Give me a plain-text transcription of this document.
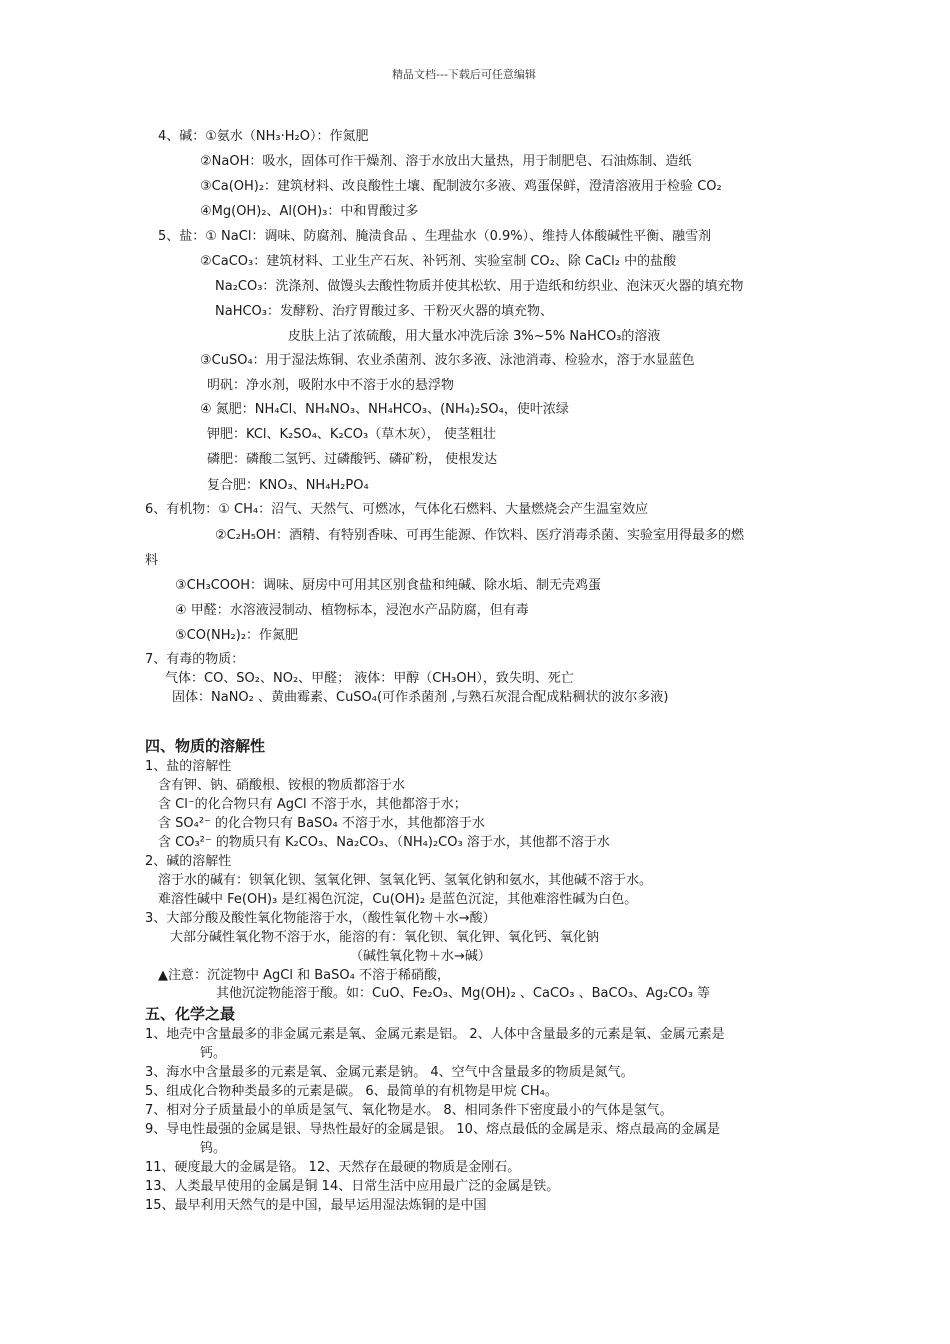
精品文档---下载后可任意编辑
4、碱：①氨水（NH₃·H₂O）：作氮肥
②NaOH：吸水，固体可作干燥剂、溶于水放出大量热，用于制肥皂、石油炼制、造纸
③Ca(OH)₂：建筑材料、改良酸性土壤、配制波尔多液、鸡蛋保鲜，澄清溶液用于检验 CO₂
④Mg(OH)₂、Al(OH)₃：中和胃酸过多
5、盐：① NaCl：调味、防腐剂、腌渍食品 、生理盐水（0.9%）、维持人体酸碱性平衡、融雪剂
②CaCO₃：建筑材料、工业生产石灰、补钙剂、实验室制 CO₂、除 CaCl₂ 中的盐酸
Na₂CO₃：洗涤剂、做馒头去酸性物质并使其松软、用于造纸和纺织业、泡沫灭火器的填充物
NaHCO₃：发酵粉、治疗胃酸过多、干粉灭火器的填充物、
皮肤上沾了浓硫酸，用大量水冲洗后涂 3%~5% NaHCO₃的溶液
③CuSO₄：用于湿法炼铜、农业杀菌剂、波尔多液、泳池消毒、检验水，溶于水显蓝色
明矾：净水剂，吸附水中不溶于水的悬浮物
④ 氮肥：NH₄Cl、NH₄NO₃、NH₄HCO₃、(NH₄)₂SO₄，使叶浓绿
钾肥：KCl、K₂SO₄、K₂CO₃（草木灰）， 使茎粗壮
磷肥：磷酸二氢钙、过磷酸钙、磷矿粉， 使根发达
复合肥：KNO₃、NH₄H₂PO₄
6、有机物：① CH₄：沼气、天然气、可燃冰，气体化石燃料、大量燃烧会产生温室效应
②C₂H₅OH：酒精、有特别香味、可再生能源、作饮料、医疗消毒杀菌、实验室用得最多的燃
料
③CH₃COOH：调味、厨房中可用其区别食盐和纯碱、除水垢、制无壳鸡蛋
④ 甲醛：水溶液浸制动、植物标本，浸泡水产品防腐，但有毒
⑤CO(NH₂)₂：作氮肥
7、有毒的物质：
气体：CO、SO₂、NO₂、甲醛； 液体：甲醇（CH₃OH），致失明、死亡
固体：NaNO₂ 、黄曲霉素、CuSO₄(可作杀菌剂 ,与熟石灰混合配成粘稠状的波尔多液)
四、物质的溶解性
1、盐的溶解性
含有钾、钠、硝酸根、铵根的物质都溶于水
含 Cl⁻的化合物只有 AgCl 不溶于水，其他都溶于水；
含 SO₄²⁻ 的化合物只有 BaSO₄ 不溶于水，其他都溶于水
含 CO₃²⁻ 的物质只有 K₂CO₃、Na₂CO₃、（NH₄)₂CO₃ 溶于水，其他都不溶于水
2、碱的溶解性
溶于水的碱有：钡氧化钡、氢氧化钾、氢氧化钙、氢氧化钠和氨水，其他碱不溶于水。
难溶性碱中 Fe(OH)₃ 是红褐色沉淀，Cu(OH)₂ 是蓝色沉淀，其他难溶性碱为白色。
3、大部分酸及酸性氧化物能溶于水，（酸性氧化物＋水→酸）
大部分碱性氧化物不溶于水，能溶的有：氧化钡、氧化钾、氧化钙、氧化钠
（碱性氧化物＋水→碱）
▲注意：沉淀物中 AgCl 和 BaSO₄ 不溶于稀硝酸，
其他沉淀物能溶于酸。如：CuO、Fe₂O₃、Mg(OH)₂ 、CaCO₃ 、BaCO₃、Ag₂CO₃ 等
五、化学之最
1、地壳中含量最多的非金属元素是氧、金属元素是铝。 2、人体中含量最多的元素是氧、金属元素是
钙。
3、海水中含量最多的元素是氧、金属元素是钠。 4、空气中含量最多的物质是氮气。
5、组成化合物种类最多的元素是碳。 6、最简单的有机物是甲烷 CH₄。
7、相对分子质量最小的单质是氢气、氧化物是水。 8、相同条件下密度最小的气体是氢气。
9、导电性最强的金属是银、导热性最好的金属是银。 10、熔点最低的金属是汞、熔点最高的金属是
钨。
11、硬度最大的金属是铬。 12、天然存在最硬的物质是金刚石。
13、人类最早使用的金属是铜 14、日常生活中应用最广泛的金属是铁。
15、最早利用天然气的是中国，最早运用湿法炼铜的是中国
